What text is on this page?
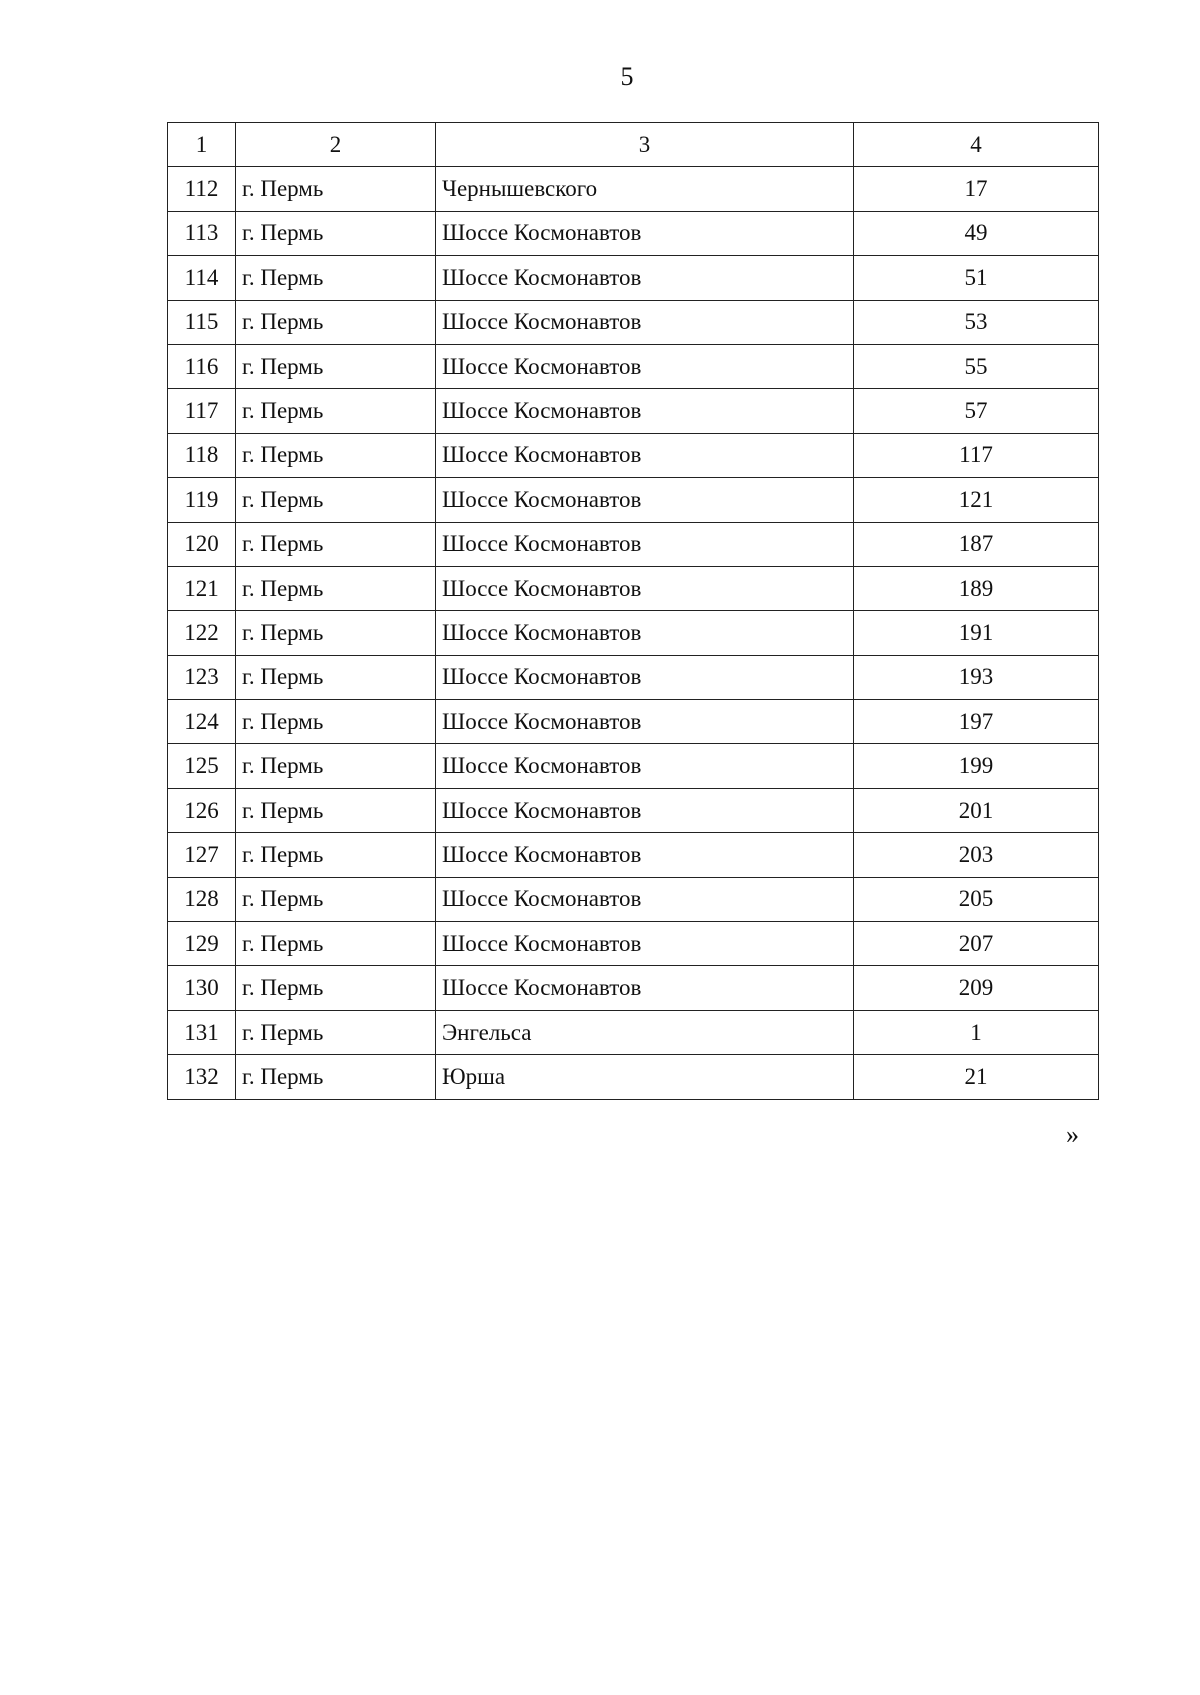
5
1	2	3	4
112	г. Пермь	Чернышевского	17
113	г. Пермь	Шоссе Космонавтов	49
114	г. Пермь	Шоссе Космонавтов	51
115	г. Пермь	Шоссе Космонавтов	53
116	г. Пермь	Шоссе Космонавтов	55
117	г. Пермь	Шоссе Космонавтов	57
118	г. Пермь	Шоссе Космонавтов	117
119	г. Пермь	Шоссе Космонавтов	121
120	г. Пермь	Шоссе Космонавтов	187
121	г. Пермь	Шоссе Космонавтов	189
122	г. Пермь	Шоссе Космонавтов	191
123	г. Пермь	Шоссе Космонавтов	193
124	г. Пермь	Шоссе Космонавтов	197
125	г. Пермь	Шоссе Космонавтов	199
126	г. Пермь	Шоссе Космонавтов	201
127	г. Пермь	Шоссе Космонавтов	203
128	г. Пермь	Шоссе Космонавтов	205
129	г. Пермь	Шоссе Космонавтов	207
130	г. Пермь	Шоссе Космонавтов	209
131	г. Пермь	Энгельса	1
132	г. Пермь	Юрша	21
»
